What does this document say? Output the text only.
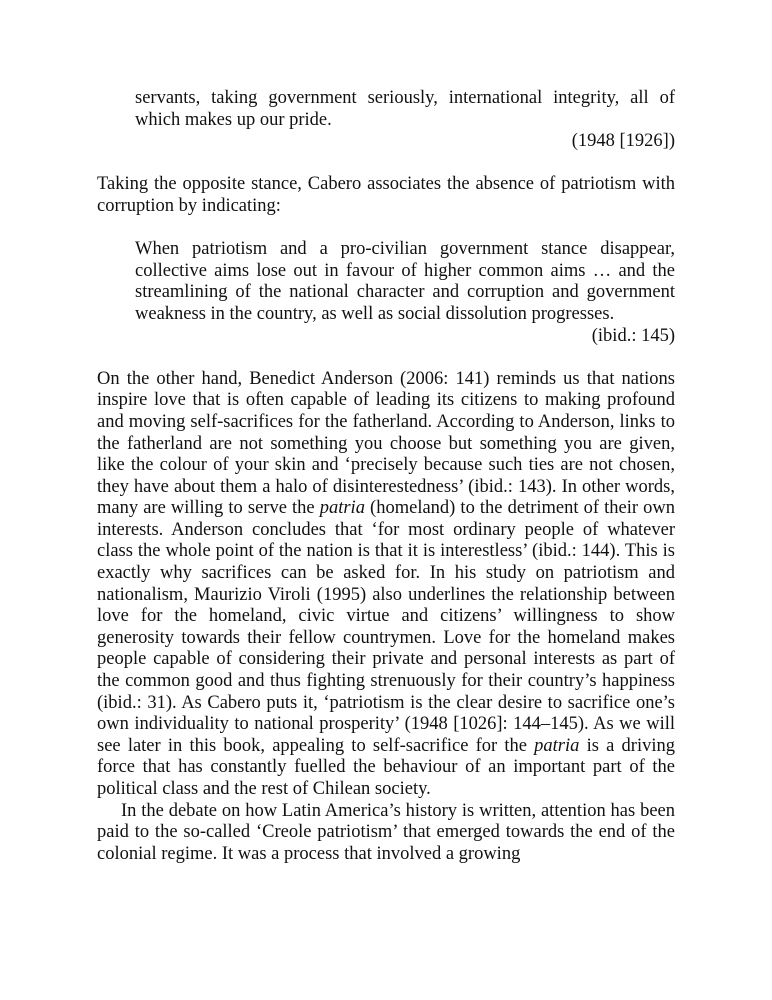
servants, taking government seriously, international integrity, all of which makes up our pride.

(1948 [1926])

Taking the opposite stance, Cabero associates the absence of patriotism with corruption by indicating:

When patriotism and a pro-civilian government stance disappear, collective aims lose out in favour of higher common aims … and the streamlining of the national character and corruption and government weakness in the country, as well as social dissolution progresses.

(ibid.: 145)

On the other hand, Benedict Anderson (2006: 141) reminds us that nations inspire love that is often capable of leading its citizens to making profound and moving self-sacrifices for the fatherland. According to Anderson, links to the fatherland are not something you choose but something you are given, like the colour of your skin and ‘precisely because such ties are not chosen, they have about them a halo of disinterestedness’ (ibid.: 143). In other words, many are willing to serve the patria (homeland) to the detriment of their own interests. Anderson concludes that ‘for most ordinary people of whatever class the whole point of the nation is that it is interestless’ (ibid.: 144). This is exactly why sacrifices can be asked for. In his study on patriotism and nationalism, Maurizio Viroli (1995) also underlines the relationship between love for the homeland, civic virtue and citizens’ willingness to show generosity towards their fellow countrymen. Love for the homeland makes people capable of considering their private and personal interests as part of the common good and thus fighting strenuously for their country’s happiness (ibid.: 31). As Cabero puts it, ‘patriotism is the clear desire to sacrifice one’s own individuality to national prosperity’ (1948 [1026]: 144–145). As we will see later in this book, appealing to self-sacrifice for the patria is a driving force that has constantly fuelled the behaviour of an important part of the political class and the rest of Chilean society.

In the debate on how Latin America’s history is written, attention has been paid to the so-called ‘Creole patriotism’ that emerged towards the end of the colonial regime. It was a process that involved a growing
